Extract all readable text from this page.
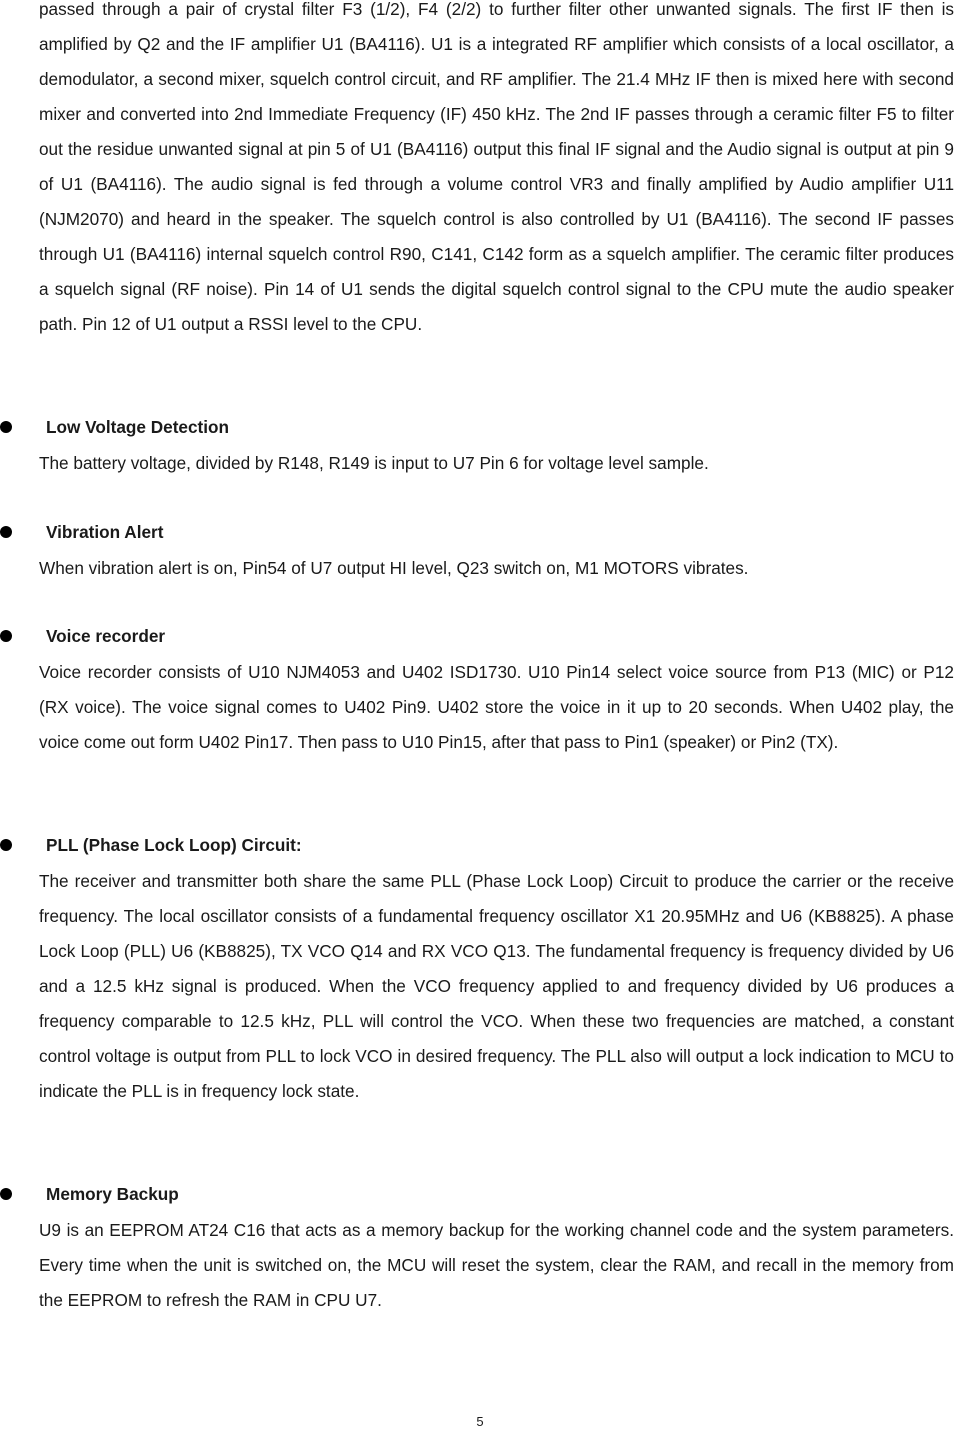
passed through a pair of crystal filter F3 (1/2), F4 (2/2) to further filter other unwanted signals. The first IF then is amplified by Q2 and the IF amplifier U1 (BA4116). U1 is a integrated RF amplifier which consists of a local oscillator, a demodulator, a second mixer, squelch control circuit, and RF amplifier. The 21.4 MHz IF then is mixed here with second mixer and converted into 2nd Immediate Frequency (IF) 450 kHz. The 2nd IF passes through a ceramic filter F5 to filter out the residue unwanted signal at pin 5 of U1 (BA4116) output this final IF signal and the Audio signal is output at pin 9 of U1 (BA4116). The audio signal is fed through a volume control VR3 and finally amplified by Audio amplifier U11 (NJM2070) and heard in the speaker. The squelch control is also controlled by U1 (BA4116). The second IF passes through U1 (BA4116) internal squelch control R90, C141, C142 form as a squelch amplifier. The ceramic filter produces a squelch signal (RF noise). Pin 14 of U1 sends the digital squelch control signal to the CPU mute the audio speaker path. Pin 12 of U1 output a RSSI level to the CPU.

Low Voltage Detection

The battery voltage, divided by R148, R149 is input to U7 Pin 6 for voltage level sample.

Vibration Alert

When vibration alert is on, Pin54 of U7 output HI level, Q23 switch on, M1 MOTORS vibrates.

Voice recorder

Voice recorder consists of U10 NJM4053 and U402 ISD1730. U10 Pin14 select voice source from P13 (MIC) or P12 (RX voice). The voice signal comes to U402 Pin9. U402 store the voice in it up to 20 seconds. When U402 play, the voice come out form U402 Pin17. Then pass to U10 Pin15, after that pass to Pin1 (speaker) or Pin2 (TX).

PLL (Phase Lock Loop) Circuit:

The receiver and transmitter both share the same PLL (Phase Lock Loop) Circuit to produce the carrier or the receive frequency. The local oscillator consists of a fundamental frequency oscillator X1 20.95MHz and U6 (KB8825). A phase Lock Loop (PLL) U6 (KB8825), TX VCO Q14 and RX VCO Q13. The fundamental frequency is frequency divided by U6 and a 12.5 kHz signal is produced. When the VCO frequency applied to and frequency divided by U6 produces a frequency comparable to 12.5 kHz, PLL will control the VCO. When these two frequencies are matched, a constant control voltage is output from PLL to lock VCO in desired frequency. The PLL also will output a lock indication to MCU to indicate the PLL is in frequency lock state.

Memory Backup

U9 is an EEPROM AT24 C16 that acts as a memory backup for the working channel code and the system parameters. Every time when the unit is switched on, the MCU will reset the system, clear the RAM, and recall in the memory from the EEPROM to refresh the RAM in CPU U7.

5
